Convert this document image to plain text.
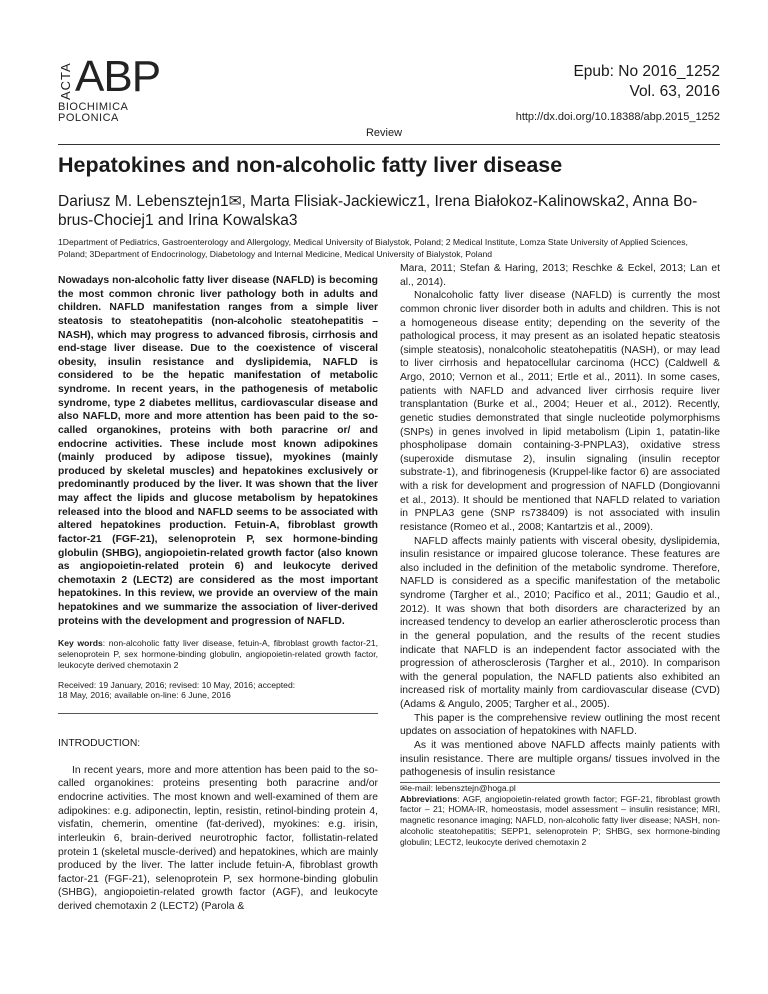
ACTA ABP
BIOCHIMICA
POLONICA
Epub: No 2016_1252
Vol. 63, 2016
http://dx.doi.org/10.18388/abp.2015_1252
Review
Hepatokines and non-alcoholic fatty liver disease
Dariusz M. Lebensztejn1✉, Marta Flisiak-Jackiewicz1, Irena Białokoz-Kalinowska2, Anna Bo-brus-Chociej1 and Irina Kowalska3
1Department of Pediatrics, Gastroenterology and Allergology, Medical University of Bialystok, Poland; 2 Medical Institute, Lomza State University of Applied Sciences, Poland; 3Department of Endocrinology, Diabetology and Internal Medicine, Medical University of Bialystok, Poland

Nowadays non-alcoholic fatty liver disease (NAFLD) is becoming the most common chronic liver pathology both in adults and children. NAFLD manifestation ranges from a simple liver steatosis to steatohepatitis (non-alcoholic steatohepatitis – NASH), which may progress to advanced fibrosis, cirrhosis and end-stage liver disease. Due to the coexistence of visceral obesity, insulin resistance and dyslipidemia, NAFLD is considered to be the hepatic manifestation of metabolic syndrome. In recent years, in the pathogenesis of metabolic syndrome, type 2 diabetes mellitus, cardiovascular disease and also NAFLD, more and more attention has been paid to the so-called organokines, proteins with both paracrine or/ and endocrine activities. These include most known adipokines (mainly produced by adipose tissue), myokines (mainly produced by skeletal muscles) and hepatokines exclusively or predominantly produced by the liver. It was shown that the liver may affect the lipids and glucose metabolism by hepatokines released into the blood and NAFLD seems to be associated with altered hepatokines production. Fetuin-A, fibroblast growth factor-21 (FGF-21), selenoprotein P, sex hormone-binding globulin (SHBG), angiopoietin-related growth factor (also known as angiopoietin-related protein 6) and leukocyte derived chemotaxin 2 (LECT2) are considered as the most important hepatokines. In this review, we provide an overview of the main hepatokines and we summarize the association of liver-derived proteins with the development and progression of NAFLD.

Key words: non-alcoholic fatty liver disease, fetuin-A, fibroblast growth factor-21, selenoprotein P, sex hormone-binding globulin, angiopoietin-related growth factor, leukocyte derived chemotaxin 2
Received: 19 January, 2016; revised: 10 May, 2016; accepted:
18 May, 2016; available on-line: 6 June, 2016
INTRODUCTION:

In recent years, more and more attention has been paid to the so-called organokines: proteins presenting both paracrine and/or endocrine activities. The most known and well-examined of them are adipokines: e.g. adiponectin, leptin, resistin, retinol-binding protein 4, visfatin, chemerin, omentine (fat-derived), myokines: e.g. irisin, interleukin 6, brain-derived neurotrophic factor, follistatin-related protein 1 (skeletal muscle-derived) and hepatokines, which are mainly produced by the liver. The latter include fetuin-A, fibroblast growth factor-21 (FGF-21), selenoprotein P, sex hormone-binding globulin (SHBG), angiopoietin-related growth factor (AGF), and leukocyte derived chemotaxin 2 (LECT2) (Parola &

Mara, 2011; Stefan & Haring, 2013; Reschke & Eckel, 2013; Lan et al., 2014).

Nonalcoholic fatty liver disease (NAFLD) is currently the most common chronic liver disorder both in adults and children. This is not a homogeneous disease entity; depending on the severity of the pathological process, it may present as an isolated hepatic steatosis (simple steatosis), nonalcoholic steatohepatitis (NASH), or may lead to liver cirrhosis and hepatocellular carcinoma (HCC) (Caldwell & Argo, 2010; Vernon et al., 2011; Ertle et al., 2011). In some cases, patients with NAFLD and advanced liver cirrhosis require liver transplantation (Burke et al., 2004; Heuer et al., 2012). Recently, genetic studies demonstrated that single nucleotide polymorphisms (SNPs) in genes involved in lipid metabolism (Lipin 1, patatin-like phospholipase domain containing-3-PNPLA3), oxidative stress (superoxide dismutase 2), insulin signaling (insulin receptor substrate-1), and fibrinogenesis (Kruppel-like factor 6) are associated with a risk for development and progression of NAFLD (Dongiovanni et al., 2013). It should be mentioned that NAFLD related to variation in PNPLA3 gene (SNP rs738409) is not associated with insulin resistance (Romeo et al., 2008; Kantartzis et al., 2009).

NAFLD affects mainly patients with visceral obesity, dyslipidemia, insulin resistance or impaired glucose tolerance. These features are also included in the definition of the metabolic syndrome. Therefore, NAFLD is considered as a specific manifestation of the metabolic syndrome (Targher et al., 2010; Pacifico et al., 2011; Gaudio et al., 2012). It was shown that both disorders are characterized by an increased tendency to develop an earlier atherosclerotic process than in the general population, and the results of the recent studies indicate that NAFLD is an independent factor associated with the progression of atherosclerosis (Targher et al., 2010). In comparison with the general population, the NAFLD patients also exhibited an increased risk of mortality mainly from cardiovascular disease (CVD) (Adams & Angulo, 2005; Targher et al., 2005).

This paper is the comprehensive review outlining the most recent updates on association of hepatokines with NAFLD.

As it was mentioned above NAFLD affects mainly patients with insulin resistance. There are multiple organs/ tissues involved in the pathogenesis of insulin resistance

✉e-mail: lebensztejn@hoga.pl
Abbreviations: AGF, angiopoietin-related growth factor; FGF-21, fibroblast growth factor – 21; HOMA-IR, homeostasis, model assessment – insulin resistance; MRI, magnetic resonance imaging; NAFLD, non-alcoholic fatty liver disease; NASH, non-alcoholic steatohepatitis; SEPP1, selenoprotein P; SHBG, sex hormone-binding globulin; LECT2, leukocyte derived chemotaxin 2
